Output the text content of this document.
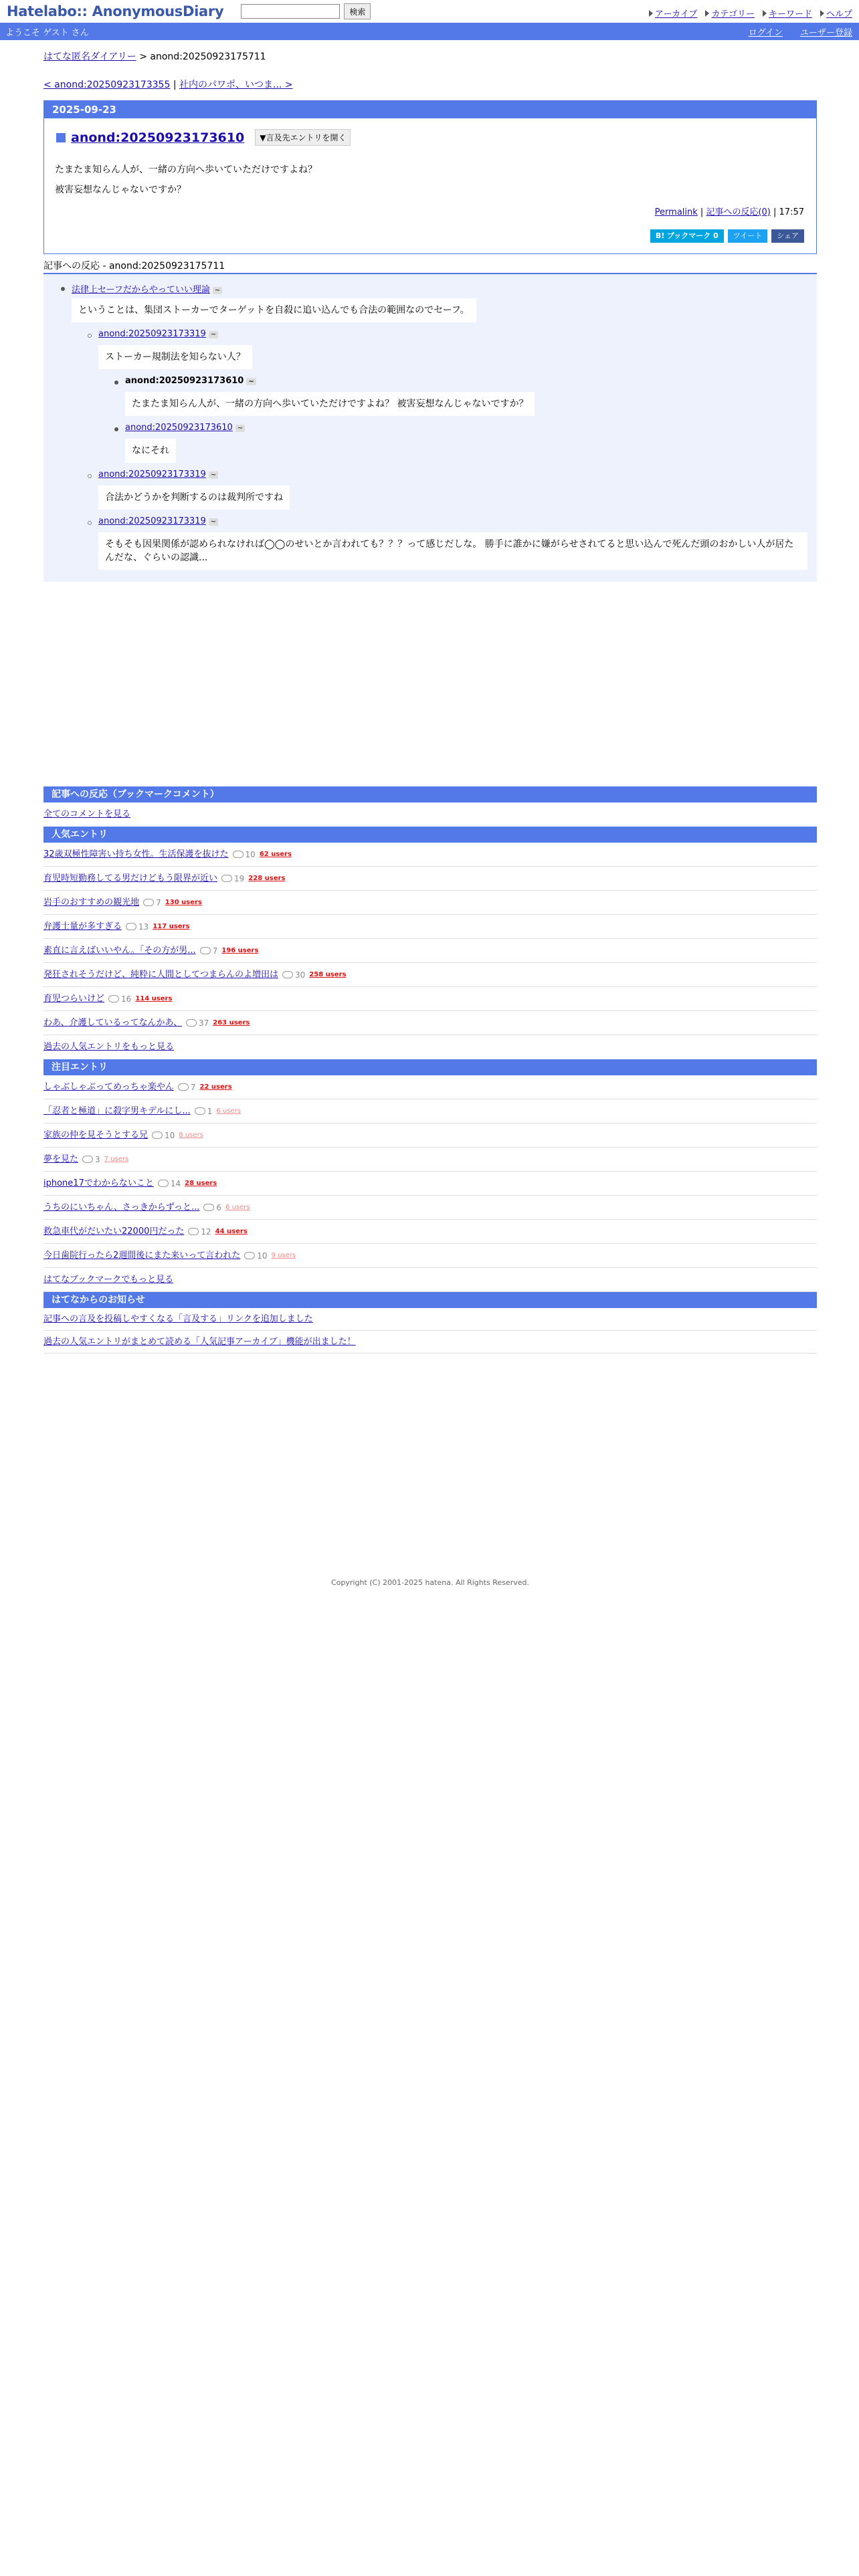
Hatelabo:: AnonymousDiary	検索	アーカイブ カテゴリー キーワード ヘルプ
ようこそ ゲスト さん	ログイン ユーザー登録
はてな匿名ダイアリー > anond:20250923175711
< anond:20250923173355 | 社内のパワポ、いつま... >
2025-09-23
anond:20250923173610	▼言及先エントリを開く
たまたま知らん人が、一緒の方向へ歩いていただけですよね？
被害妄想なんじゃないですか？
Permalink | 記事への反応(0) | 17:57
B! ブックマーク 0	ツイート	シェア
記事への反応 - anond:20250923175711
法律上セーフだからやっていい理論 ~
ということは、集団ストーカーでターゲットを自殺に追い込んでも合法の範囲なのでセーフ。
anond:20250923173319 ~
ストーカー規制法を知らない人？
anond:20250923173610 ~
たまたま知らん人が、一緒の方向へ歩いていただけですよね？ 被害妄想なんじゃないですか？
anond:20250923173610 ~
なにそれ
anond:20250923173319 ~
合法かどうかを判断するのは裁判所ですね
anond:20250923173319 ~
そもそも因果関係が認められなければ◯◯のせいとか言われても？？？って感じだしな。 勝手に誰かに嫌がらせされてると思い込んで死んだ頭のおかしい人が居たんだな、ぐらいの認識...
記事への反応（ブックマークコメント）
全てのコメントを見る
人気エントリ
32歳双極性障害い持ち女性。生活保護を抜けた 10 62 users
育児時短勤務してる男だけどもう限界が近い 19 228 users
岩手のおすすめの観光地 7 130 users
弁護士量が多すぎる 13 117 users
素直に言えばいいやん。「その方が男... 7 196 users
発狂されそうだけど、純粋に人間としてつまらんのよ増田は 30 258 users
育児つらいけど 16 114 users
わあ、介護しているってなんかあ、 37 263 users
過去の人気エントリをもっと見る
注目エントリ
しゃぶしゃぶってめっちゃ楽やん 7 22 users
「忍者と極道」に殺字男キデルにし... 1 6 users
家族の仲を見そうとする兄 10 8 users
夢を見た 3 7 users
iphone17でわからないこと 14 28 users
うちのにいちゃん、さっきからずっと... 6 6 users
救急車代がだいたい22000円だった 12 44 users
今日歯院行ったら2週間後にまた来いって言われた 10 9 users
はてなブックマークでもっと見る
はてなからのお知らせ
記事への言及を投稿しやすくなる「言及する」リンクを追加しました
過去の人気エントリがまとめて読める「人気記事アーカイブ」機能が出ました！
Copyright (C) 2001-2025 hatena. All Rights Reserved.
